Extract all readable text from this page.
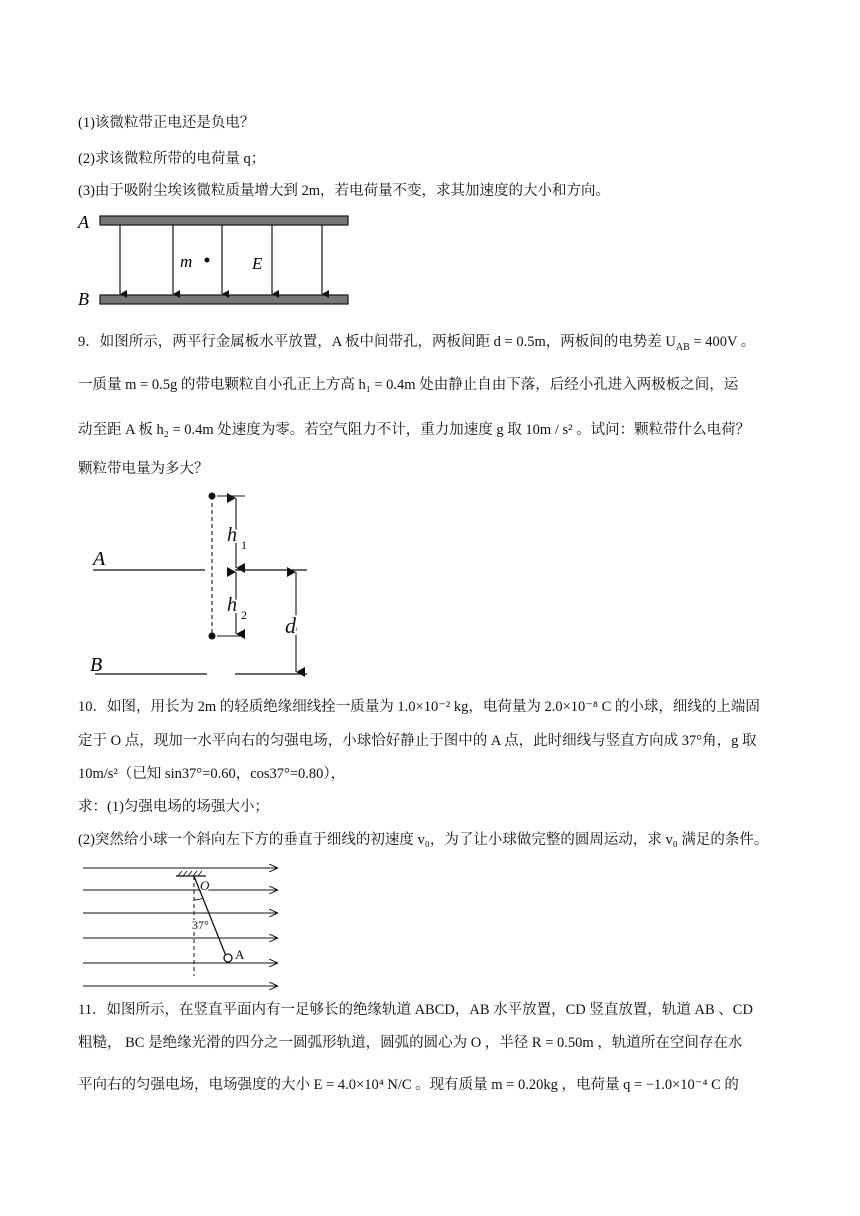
(1)该微粒带正电还是负电？
(2)求该微粒所带的电荷量 q；
(3)由于吸附尘埃该微粒质量增大到 2m，若电荷量不变，求其加速度的大小和方向。
A
B
m	E
9．如图所示，两平行金属板水平放置，A 板中间带孔，两板间距 d = 0.5m，两板间的电势差 $U_{AB} = 400V$ 。
一质量 m = 0.5g 的带电颗粒自小孔正上方高 h₁ = 0.4m 处由静止自由下落，后经小孔进入两极板之间，运
动至距 A 板 h₂ = 0.4m 处速度为零。若空气阻力不计，重力加速度 g 取 10m / s² 。试问：颗粒带什么电荷？
颗粒带电量为多大？
A
B
h 1
h 2 d
10．如图，用长为 2m 的轻质绝缘细线拴一质量为 1.0×10⁻² kg，电荷量为 2.0×10⁻⁸ C 的小球，细线的上端固
定于 O 点，现加一水平向右的匀强电场，小球恰好静止于图中的 A 点，此时细线与竖直方向成 37°角，g 取
10m/s²（已知 sin37°=0.60，cos37°=0.80），
求：(1)匀强电场的场强大小；
(2)突然给小球一个斜向左下方的垂直于细线的初速度 v₀，为了让小球做完整的圆周运动，求 v₀ 满足的条件。
O
37°
A
11．如图所示，在竖直平面内有一足够长的绝缘轨道 ABCD，AB 水平放置，CD 竖直放置，轨道 AB 、CD
粗糙， BC 是绝缘光滑的四分之一圆弧形轨道，圆弧的圆心为 O ，半径 R = 0.50m ，轨道所在空间存在水
平向右的匀强电场，电场强度的大小 E = 4.0×10⁴ N/C 。现有质量 m = 0.20kg ，电荷量 q = −1.0×10⁻⁴ C 的
